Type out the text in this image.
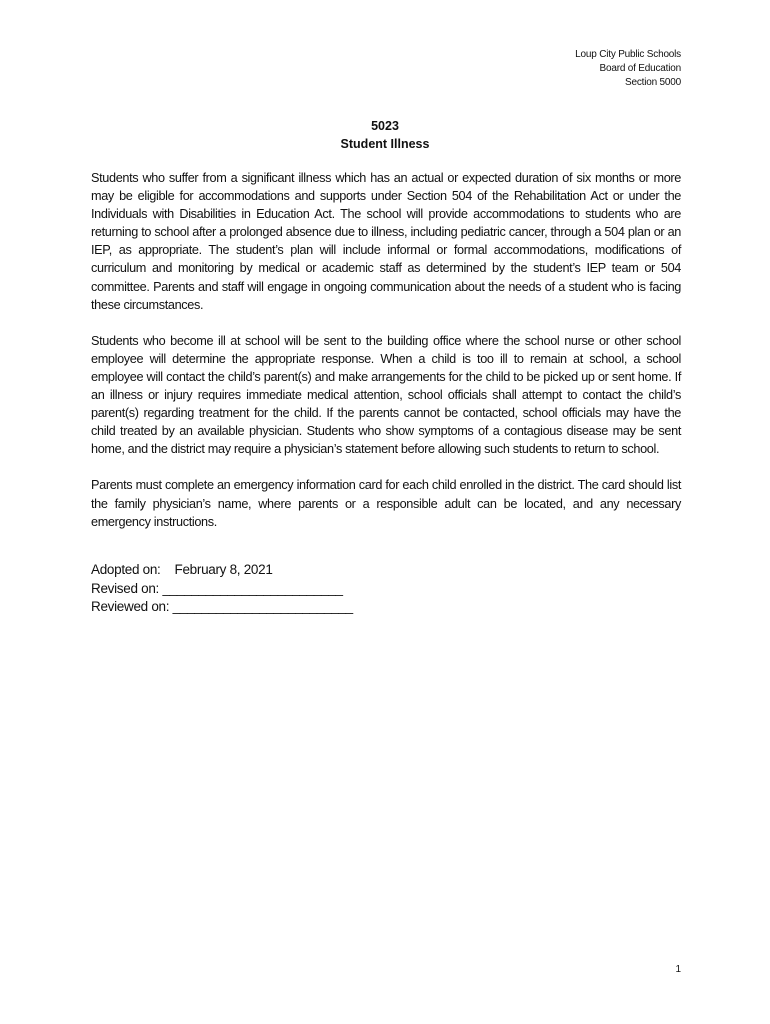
Loup City Public Schools
Board of Education
Section 5000
5023
Student Illness

Students who suffer from a significant illness which has an actual or expected duration of six months or more may be eligible for accommodations and supports under Section 504 of the Rehabilitation Act or under the Individuals with Disabilities in Education Act. The school will provide accommodations to students who are returning to school after a prolonged absence due to illness, including pediatric cancer, through a 504 plan or an IEP, as appropriate. The student’s plan will include informal or formal accommodations, modifications of curriculum and monitoring by medical or academic staff as determined by the student’s IEP team or 504 committee. Parents and staff will engage in ongoing communication about the needs of a student who is facing these circumstances.

Students who become ill at school will be sent to the building office where the school nurse or other school employee will determine the appropriate response. When a child is too ill to remain at school, a school employee will contact the child’s parent(s) and make arrangements for the child to be picked up or sent home. If an illness or injury requires immediate medical attention, school officials shall attempt to contact the child’s parent(s) regarding treatment for the child. If the parents cannot be contacted, school officials may have the child treated by an available physician. Students who show symptoms of a contagious disease may be sent home, and the district may require a physician’s statement before allowing such students to return to school.

Parents must complete an emergency information card for each child enrolled in the district. The card should list the family physician’s name, where parents or a responsible adult can be located, and any necessary emergency instructions.

Adopted on: February 8, 2021
Revised on: _________________________
Reviewed on: _________________________
1
